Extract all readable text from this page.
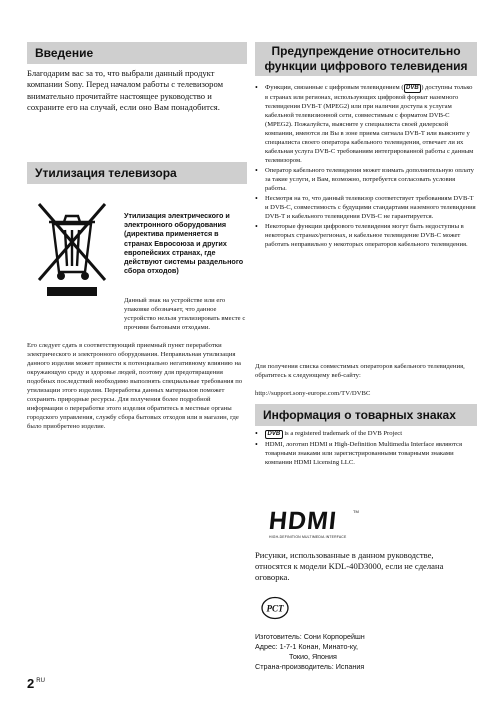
Введение

Благодарим вас за то, что выбрали данный продукт компании Sony. Перед началом работы с телевизором внимательно прочитайте настоящее руководство и сохраните его на случай, если оно Вам понадобится.

Утилизация телевизора

Утилизация электрического и электронного оборудования (директива применяется в странах Евросоюза и других европейских странах, где действуют системы раздельного сбора отходов)

Данный знак на устройстве или его упаковке обозначает, что данное устройство нельзя утилизировать вместе с прочими бытовыми отходами.

Его следует сдать в соответствующий приемный пункт переработки электрического и электронного оборудования. Неправильная утилизация данного изделия может привести к потенциально негативному влиянию на окружающую среду и здоровье людей, поэтому для предотвращения подобных последствий необходимо выполнять специальные требования по утилизации этого изделия. Переработка данных материалов поможет сохранить природные ресурсы. Для получения более подробной информации о переработке этого изделия обратитесь в местные органы городского управления, службу сбора бытовых отходов или в магазин, где было приобретено изделие.

Предупреждение относительно
функции цифрового телевидения
• Функции, связанные с цифровым телевидением ( DVB ) доступны только в странах или регионах, использующих цифровой формат наземного телевидения DVB-T (MPEG2) или при наличии доступа к услугам кабельной телевизионной сети, совместимым с форматом DVB-C (MPEG2). Пожалуйста, выясните у специалиста своей дилерской компании, имеются ли Вы в зоне приема сигнала DVB-T или выясните у специалиста своего оператора кабельного телевидения, отвечает ли их кабельная услуга DVB-C требованиям интегрированной работы с данным телевизором.
• Оператор кабельного телевидения может взимать дополнительную оплату за такие услуги, и Вам, возможно, потребуется согласовать условия работы.
• Несмотря на то, что данный телевизор соответствует требованиям DVB-T и DVB-C, совместимость с будущими стандартами наземного телевидения DVB-T и кабельного телевидения DVB-C не гарантируется.
• Некоторые функции цифрового телевидения могут быть недоступны в некоторых странах/регионах, и кабельное телевидение DVB-C может работать неправильно у некоторых операторов кабельного телевидения.

Для получения списка совместимых операторов кабельного телевидения, обратитесь к следующему веб-сайту:

http://support.sony-europe.com/TV/DVBC

Информация о товарных знаках
• DVB is a registered trademark of the DVB Project
• HDMI, логотип HDMI и High-Definition Multimedia Interface являются товарными знаками или зарегистрированными товарными знаками компании HDMI Licensing LLC.
HDMI	TM
HIGH-DEFINITION MULTIMEDIA INTERFACE

Рисунки, использованные в данном руководстве, относятся к модели KDL-40D3000, если не сделана оговорка.

PCT

Изготовитель: Сони Корпорейшн

Адрес: 1-7-1 Конан, Минато-ку,

Токио, Япония

Страна-производитель: Испания

2 $^{RU}$
